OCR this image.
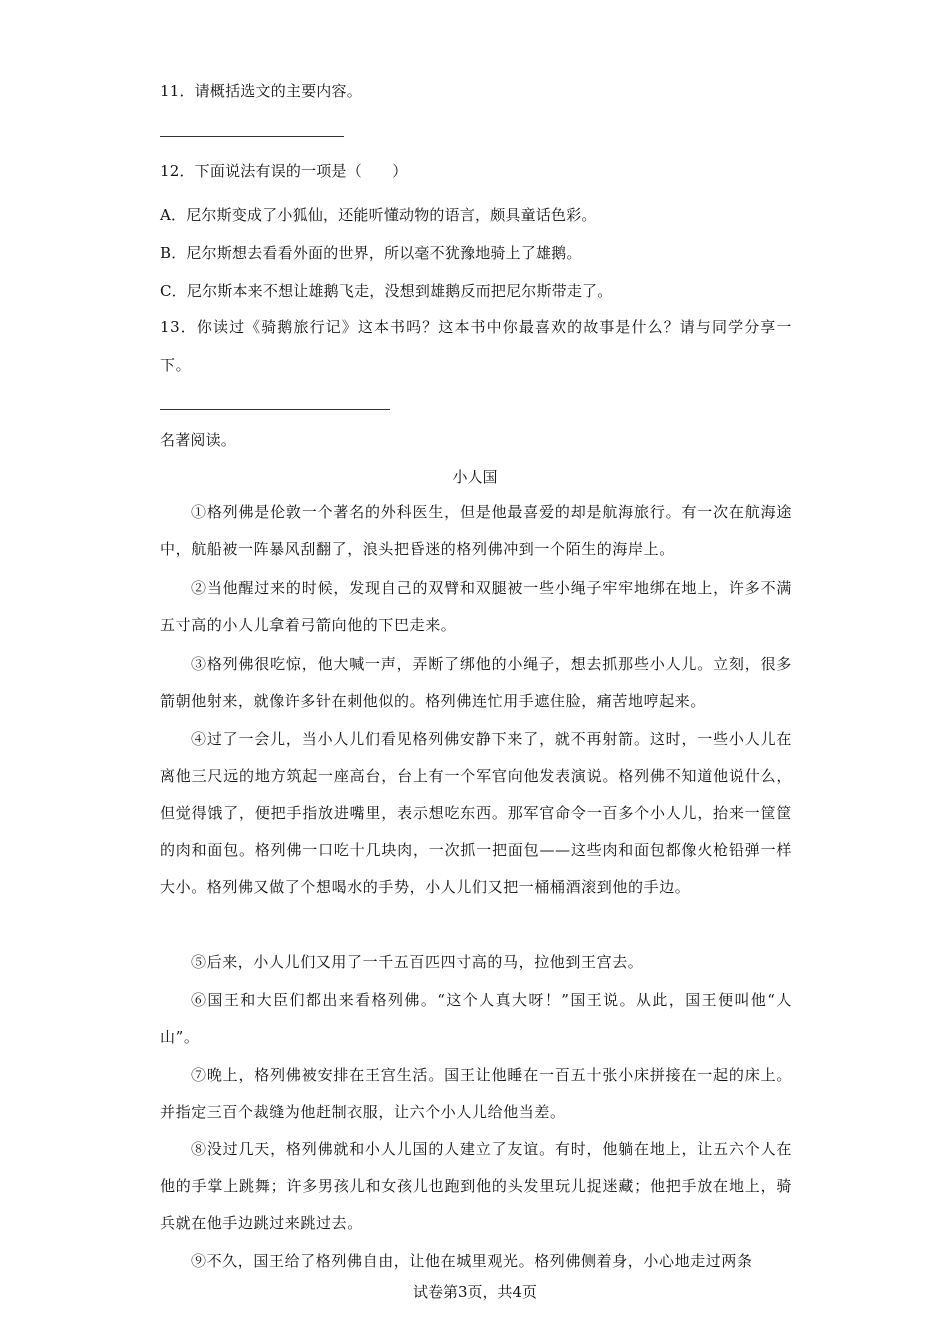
11．请概括选文的主要内容。
12．下面说法有误的一项是（　　）
A．尼尔斯变成了小狐仙，还能听懂动物的语言，颇具童话色彩。
B．尼尔斯想去看看外面的世界，所以毫不犹豫地骑上了雄鹅。
C．尼尔斯本来不想让雄鹅飞走，没想到雄鹅反而把尼尔斯带走了。
13．你读过《骑鹅旅行记》这本书吗？这本书中你最喜欢的故事是什么？请与同学分享一下。
名著阅读。
小人国
①格列佛是伦敦一个著名的外科医生，但是他最喜爱的却是航海旅行。有一次在航海途中，航船被一阵暴风刮翻了，浪头把昏迷的格列佛冲到一个陌生的海岸上。
②当他醒过来的时候，发现自己的双臂和双腿被一些小绳子牢牢地绑在地上，许多不满五寸高的小人儿拿着弓箭向他的下巴走来。
③格列佛很吃惊，他大喊一声，弄断了绑他的小绳子，想去抓那些小人儿。立刻，很多箭朝他射来，就像许多针在刺他似的。格列佛连忙用手遮住脸，痛苦地哼起来。
④过了一会儿，当小人儿们看见格列佛安静下来了，就不再射箭。这时，一些小人儿在离他三尺远的地方筑起一座高台，台上有一个军官向他发表演说。格列佛不知道他说什么，但觉得饿了，便把手指放进嘴里，表示想吃东西。那军官命令一百多个小人儿，抬来一筐筐的肉和面包。格列佛一口吃十几块肉，一次抓一把面包——这些肉和面包都像火枪铅弹一样大小。格列佛又做了个想喝水的手势，小人儿们又把一桶桶酒滚到他的手边。
⑤后来，小人儿们又用了一千五百匹四寸高的马，拉他到王宫去。
⑥国王和大臣们都出来看格列佛。“这个人真大呀！”国王说。从此，国王便叫他“人山”。
⑦晚上，格列佛被安排在王宫生活。国王让他睡在一百五十张小床拼接在一起的床上。并指定三百个裁缝为他赶制衣服，让六个小人儿给他当差。
⑧没过几天，格列佛就和小人儿国的人建立了友谊。有时，他躺在地上，让五六个人在他的手掌上跳舞；许多男孩儿和女孩儿也跑到他的头发里玩儿捉迷藏；他把手放在地上，骑兵就在他手边跳过来跳过去。
⑨不久，国王给了格列佛自由，让他在城里观光。格列佛侧着身，小心地走过两条
试卷第3页，共4页
